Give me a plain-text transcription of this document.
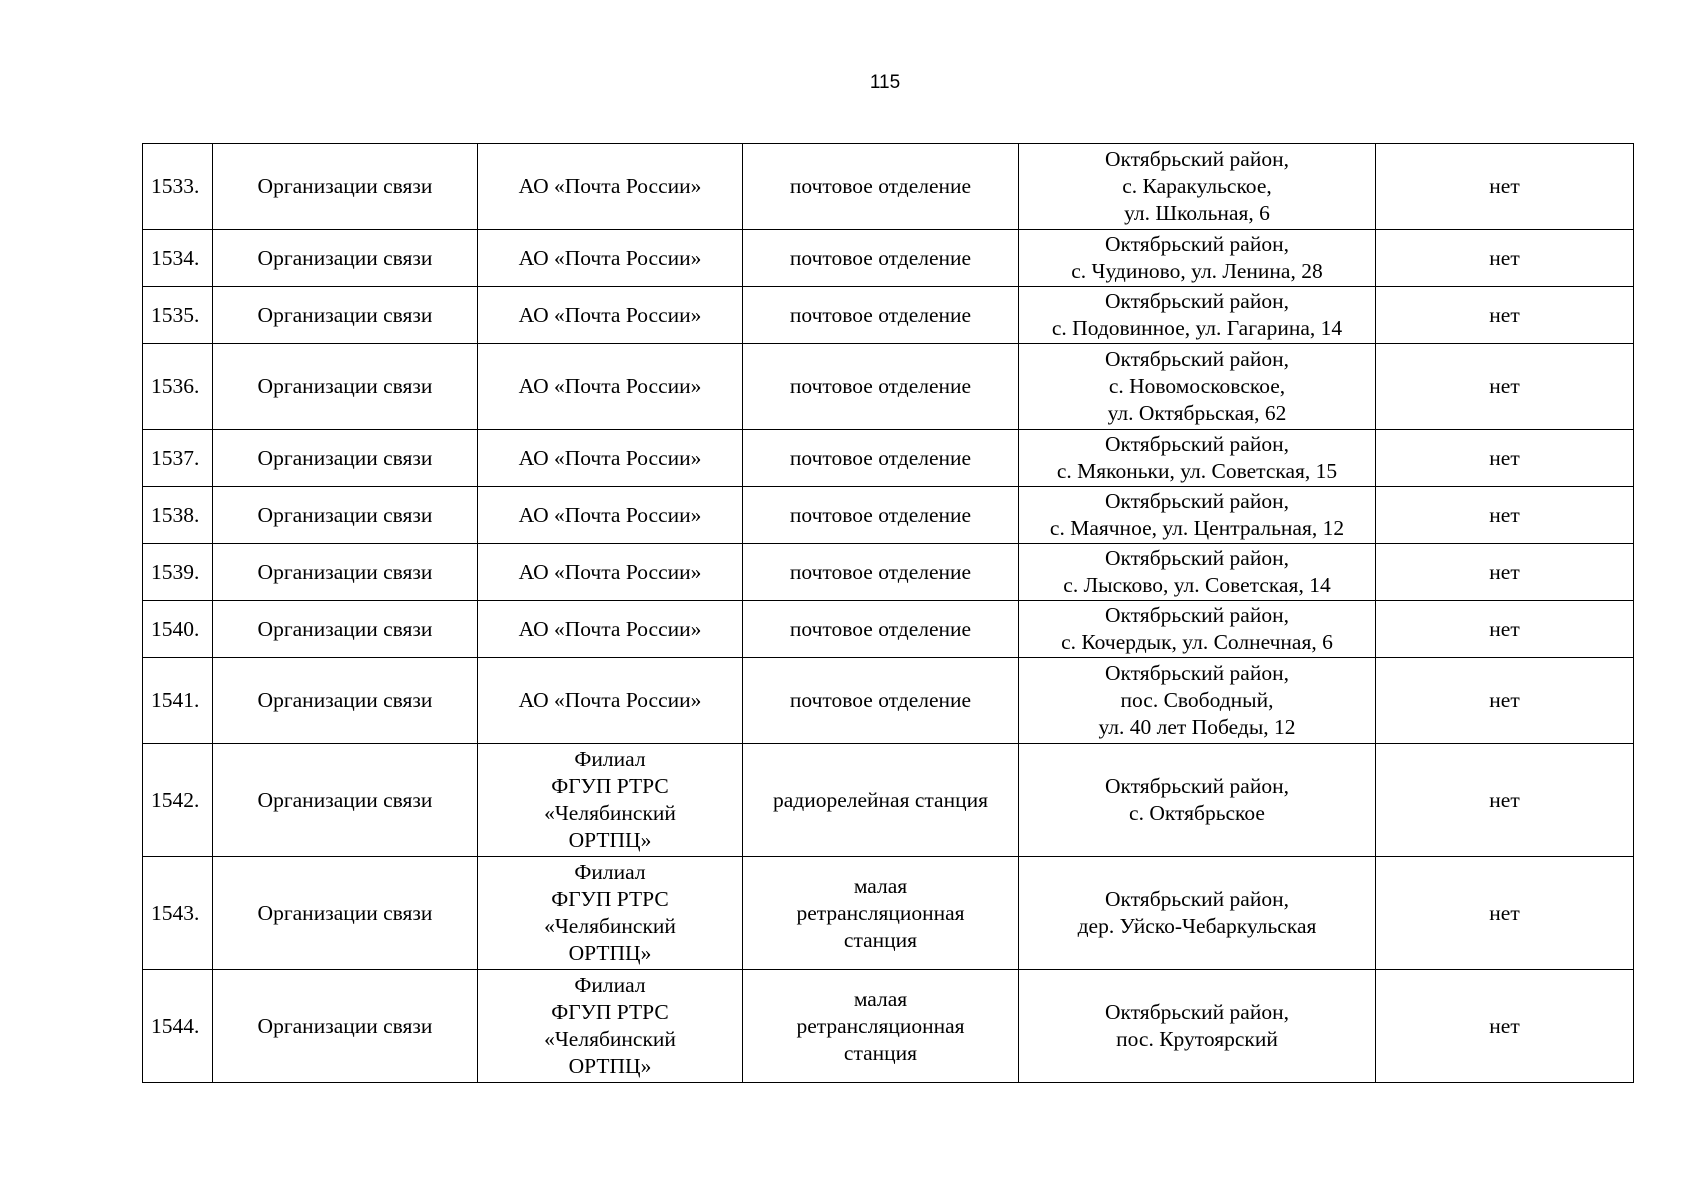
115
1533.	Организации связи	АО «Почта России»	почтовое отделение	Октябрьский район,
с. Каракульское,
ул. Школьная, 6	нет
1534.	Организации связи	АО «Почта России»	почтовое отделение	Октябрьский район,
с. Чудиново, ул. Ленина, 28	нет
1535.	Организации связи	АО «Почта России»	почтовое отделение	Октябрьский район,
с. Подовинное, ул. Гагарина, 14	нет
1536.	Организации связи	АО «Почта России»	почтовое отделение	Октябрьский район,
с. Новомосковское,
ул. Октябрьская, 62	нет
1537.	Организации связи	АО «Почта России»	почтовое отделение	Октябрьский район,
с. Мяконьки, ул. Советская, 15	нет
1538.	Организации связи	АО «Почта России»	почтовое отделение	Октябрьский район,
с. Маячное, ул. Центральная, 12	нет
1539.	Организации связи	АО «Почта России»	почтовое отделение	Октябрьский район,
с. Лысково, ул. Советская, 14	нет
1540.	Организации связи	АО «Почта России»	почтовое отделение	Октябрьский район,
с. Кочердык, ул. Солнечная, 6	нет
1541.	Организации связи	АО «Почта России»	почтовое отделение	Октябрьский район,
пос. Свободный,
ул. 40 лет Победы, 12	нет
1542.	Организации связи	Филиал
ФГУП РТРС
«Челябинский
ОРТПЦ»	радиорелейная станция	Октябрьский район,
с. Октябрьское	нет
1543.	Организации связи	Филиал
ФГУП РТРС
«Челябинский
ОРТПЦ»	малая
ретрансляционная
станция	Октябрьский район,
дер. Уйско-Чебаркульская	нет
1544.	Организации связи	Филиал
ФГУП РТРС
«Челябинский
ОРТПЦ»	малая
ретрансляционная
станция	Октябрьский район,
пос. Крутоярский	нет
